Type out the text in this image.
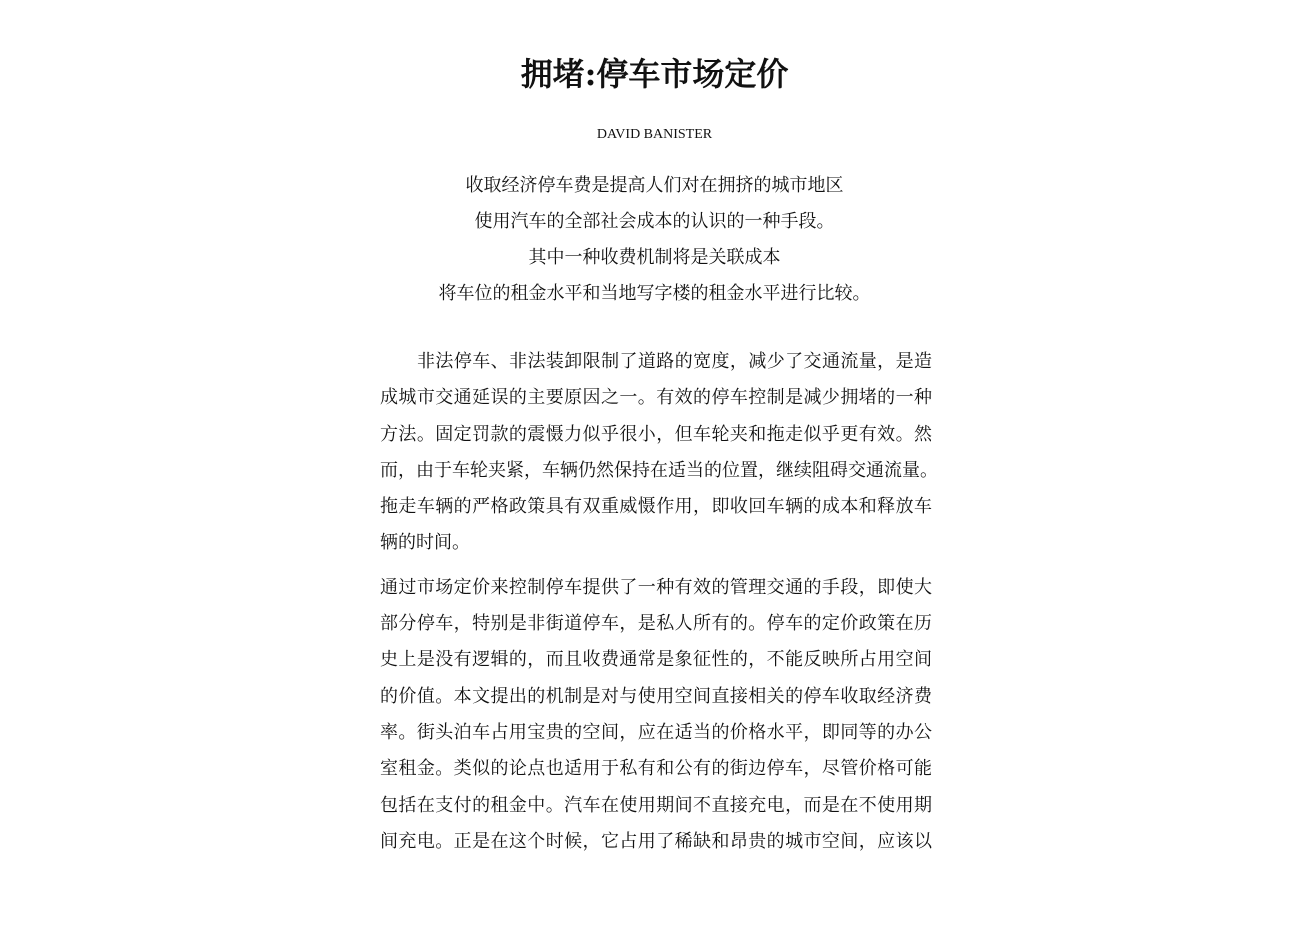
拥堵:停车市场定价
DAVID BANISTER
收取经济停车费是提高人们对在拥挤的城市地区
使用汽车的全部社会成本的认识的一种手段。
其中一种收费机制将是关联成本
将车位的租金水平和当地写字楼的租金水平进行比较。
非法停车、非法装卸限制了道路的宽度，减少了交通流量，是造
成城市交通延误的主要原因之一。有效的停车控制是减少拥堵的一种
方法。固定罚款的震慑力似乎很小，但车轮夹和拖走似乎更有效。然
而，由于车轮夹紧，车辆仍然保持在适当的位置，继续阻碍交通流量。
拖走车辆的严格政策具有双重威慑作用，即收回车辆的成本和释放车
辆的时间。
通过市场定价来控制停车提供了一种有效的管理交通的手段，即使大
部分停车，特别是非街道停车，是私人所有的。停车的定价政策在历
史上是没有逻辑的，而且收费通常是象征性的，不能反映所占用空间
的价值。本文提出的机制是对与使用空间直接相关的停车收取经济费
率。街头泊车占用宝贵的空间，应在适当的价格水平，即同等的办公
室租金。类似的论点也适用于私有和公有的街边停车，尽管价格可能
包括在支付的租金中。汽车在使用期间不直接充电，而是在不使用期
间充电。正是在这个时候，它占用了稀缺和昂贵的城市空间，应该以
